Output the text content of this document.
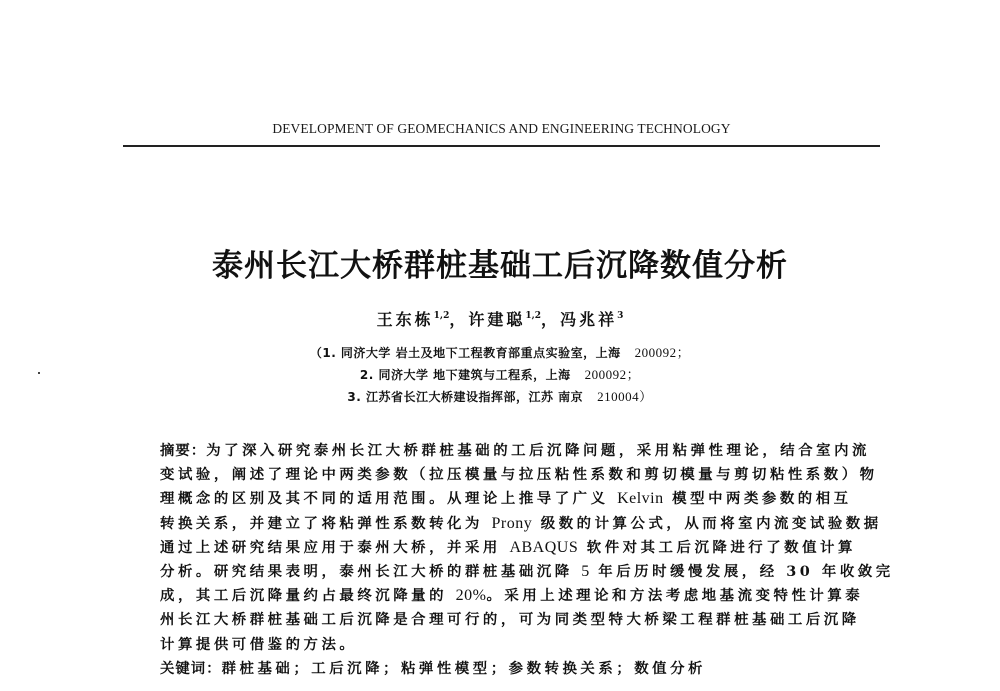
DEVELOPMENT OF GEOMECHANICS AND ENGINEERING TECHNOLOGY
泰州长江大桥群桩基础工后沉降数值分析
王东栋$^{1,2}$，许建聪$^{1,2}$，冯兆祥$^3$
（1. 同济大学 岩土及地下工程教育部重点实验室，上海 200092；
2. 同济大学 地下建筑与工程系，上海 200092；
3. 江苏省长江大桥建设指挥部，江苏 南京 210004）
摘要：为了深入研究泰州长江大桥群桩基础的工后沉降问题，采用粘弹性理论，结合室内流
变试验，阐述了理论中两类参数（拉压模量与拉压粘性系数和剪切模量与剪切粘性系数）物
理概念的区别及其不同的适用范围。从理论上推导了广义 Kelvin 模型中两类参数的相互
转换关系，并建立了将粘弹性系数转化为 Prony 级数的计算公式，从而将室内流变试验数据
通过上述研究结果应用于泰州大桥，并采用 ABAQUS 软件对其工后沉降进行了数值计算
分析。研究结果表明，泰州长江大桥的群桩基础沉降 5 年后历时缓慢发展，经 30 年收敛完
成，其工后沉降量约占最终沉降量的 20%。采用上述理论和方法考虑地基流变特性计算泰
州长江大桥群桩基础工后沉降是合理可行的，可为同类型特大桥梁工程群桩基础工后沉降
计算提供可借鉴的方法。
关键词：群桩基础；工后沉降；粘弹性模型；参数转换关系；数值分析
